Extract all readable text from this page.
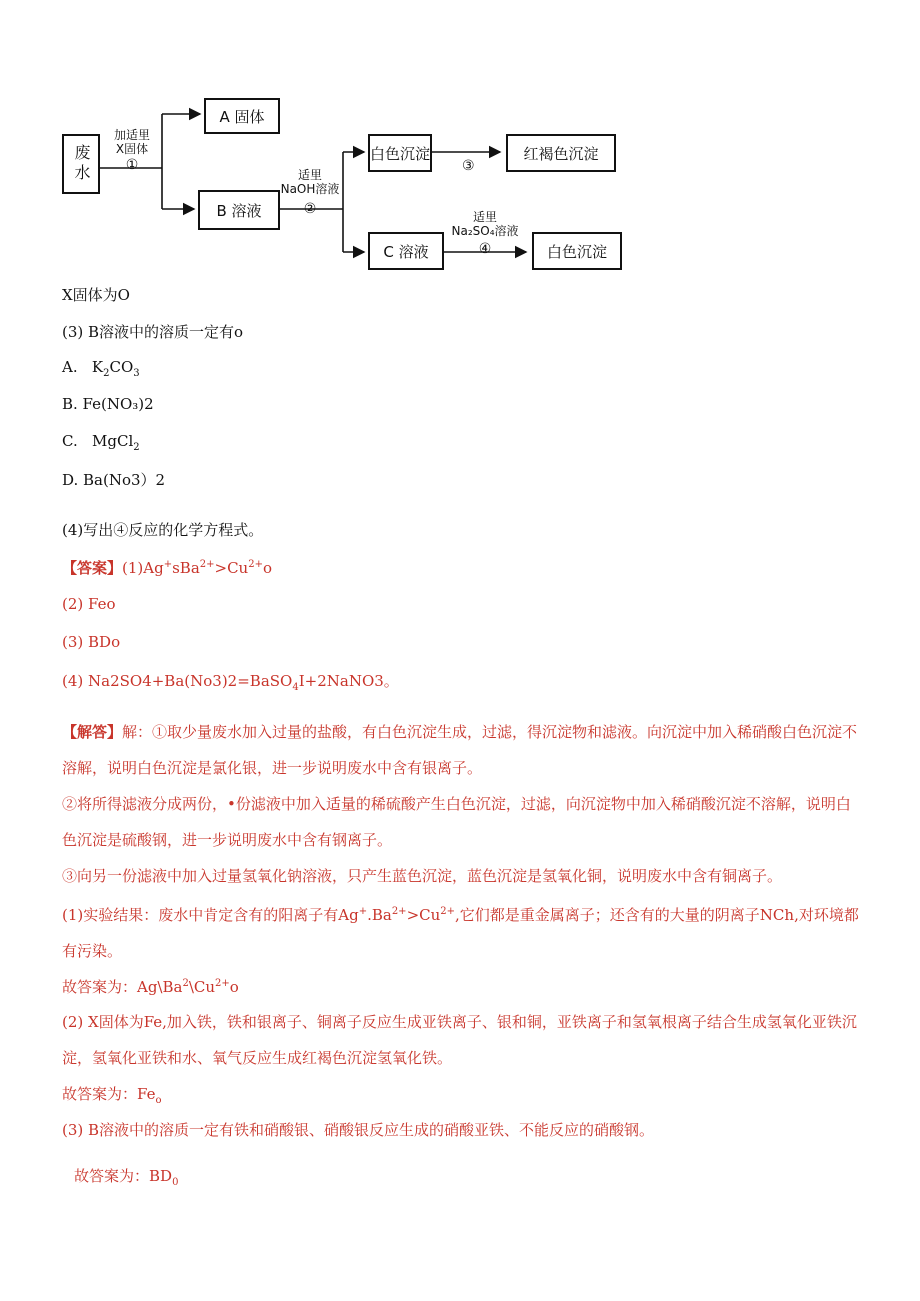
废水
A 固体
B 溶液
白色沉淀	红褐色沉淀
C 溶液	白色沉淀
加适里
X固体
①
适里
NaOH溶液
②
③
适里
Na₂SO₄溶液
④
X固体为O
(3) B溶液中的溶质一定有o
A.   $K_2CO_3$
B. Fe(NO₃)2
C.   MgCl$_2$
D. Ba(No3）2
(4)写出④反应的化学方程式。
【答案】$(1)Ag^+sBa^{2+}>Cu^{2+}o$
(2) Feo
(3) BDo
(4) Na2SO4+Ba(No3)2=BaSO$_4$I+2NaNO3。
【解答】解：①取少量废水加入过量的盐酸，有白色沉淀生成，过滤，得沉淀物和滤液。向沉淀中加入稀硝酸白色沉淀不溶解，说明白色沉淀是氯化银，进一步说明废水中含有银离子。
②将所得滤液分成两份，•份滤液中加入适量的稀硫酸产生白色沉淀，过滤，向沉淀物中加入稀硝酸沉淀不溶解，说明白色沉淀是硫酸钢，进一步说明废水中含有钢离子。
③向另一份滤液中加入过量氢氧化钠溶液，只产生蓝色沉淀，蓝色沉淀是氢氧化铜，说明废水中含有铜离子。
(1)实验结果：废水中肯定含有的阳离子有$Ag^+.Ba^{2+}>Cu^{2+}$,它们都是重金属离子；还含有的大量的阴离子NCh,对环境都有污染。
故答案为：$Ag\backslash Ba^2\backslash Cu^{2+}o$
(2) X固体为Fe,加入铁，铁和银离子、铜离子反应生成亚铁离子、银和铜，亚铁离子和氢氧根离子结合生成氢氧化亚铁沉淀，氢氧化亚铁和水、氧气反应生成红褐色沉淀氢氧化铁。
故答案为：$Fe_o$
(3) B溶液中的溶质一定有铁和硝酸银、硝酸银反应生成的硝酸亚铁、不能反应的硝酸钢。
故答案为：$BD_0$
